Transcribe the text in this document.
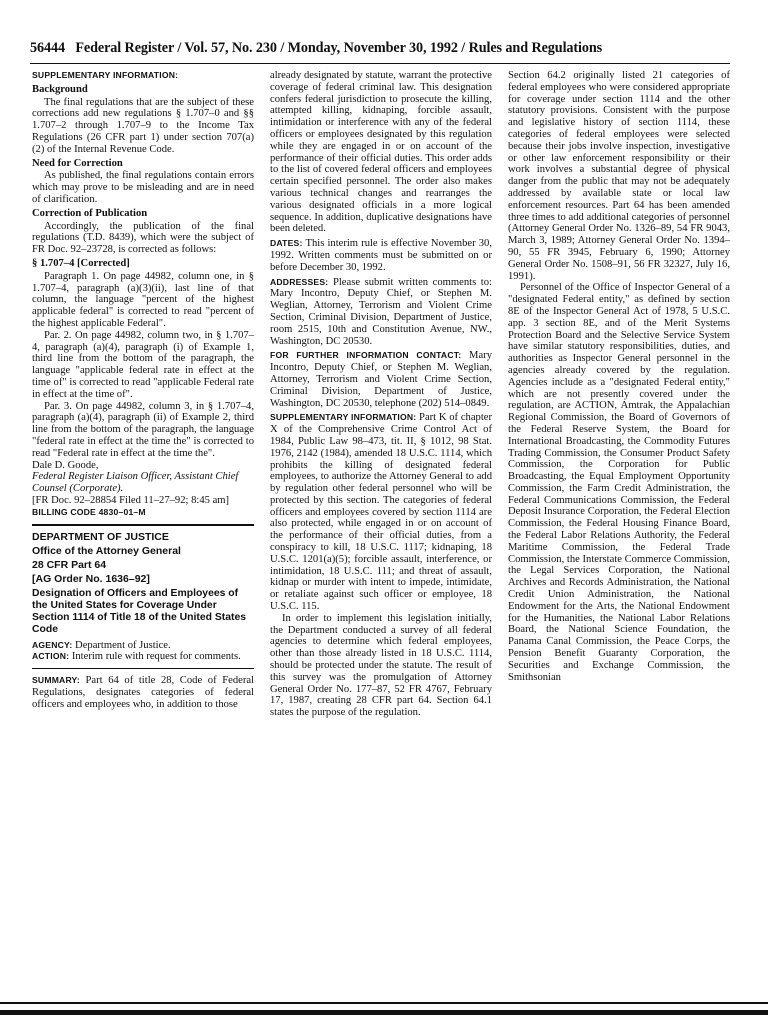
56444 Federal Register / Vol. 57, No. 230 / Monday, November 30, 1992 / Rules and Regulations

SUPPLEMENTARY INFORMATION:

Background

The final regulations that are the subject of these corrections add new regulations § 1.707–0 and §§ 1.707–2 through 1.707–9 to the Income Tax Regulations (26 CFR part 1) under section 707(a)(2) of the Internal Revenue Code.

Need for Correction

As published, the final regulations contain errors which may prove to be misleading and are in need of clarification.

Correction of Publication

Accordingly, the publication of the final regulations (T.D. 8439), which were the subject of FR Doc. 92–23728, is corrected as follows:

§ 1.707–4 [Corrected]

Paragraph 1. On page 44982, column one, in § 1.707–4, paragraph (a)(3)(ii), last line of that column, the language "percent of the highest applicable federal" is corrected to read "percent of the highest applicable Federal".

Par. 2. On page 44982, column two, in § 1.707–4, paragraph (a)(4), paragraph (i) of Example 1, third line from the bottom of the paragraph, the language "applicable federal rate in effect at the time of" is corrected to read "applicable Federal rate in effect at the time of".

Par. 3. On page 44982, column 3, in § 1.707–4, paragraph (a)(4), paragraph (ii) of Example 2, third line from the bottom of the paragraph, the language "federal rate in effect at the time the" is corrected to read "Federal rate in effect at the time the".

Dale D. Goode,

Federal Register Liaison Officer, Assistant Chief Counsel (Corporate).

[FR Doc. 92–28854 Filed 11–27–92; 8:45 am]

BILLING CODE 4830–01–M

DEPARTMENT OF JUSTICE

Office of the Attorney General

28 CFR Part 64

[AG Order No. 1636–92]

Designation of Officers and Employees of the United States for Coverage Under Section 1114 of Title 18 of the United States Code

AGENCY: Department of Justice.

ACTION: Interim rule with request for comments.

SUMMARY: Part 64 of title 28, Code of Federal Regulations, designates categories of federal officers and employees who, in addition to those

already designated by statute, warrant the protective coverage of federal criminal law. This designation confers federal jurisdiction to prosecute the killing, attempted killing, kidnaping, forcible assault, intimidation or interference with any of the federal officers or employees designated by this regulation while they are engaged in or on account of the performance of their official duties. This order adds to the list of covered federal officers and employees certain specified personnel. The order also makes various technical changes and rearranges the various designated officials in a more logical sequence. In addition, duplicative designations have been deleted.

DATES: This interim rule is effective November 30, 1992. Written comments must be submitted on or before December 30, 1992.

ADDRESSES: Please submit written comments to: Mary Incontro, Deputy Chief, or Stephen M. Weglian, Attorney, Terrorism and Violent Crime Section, Criminal Division, Department of Justice, room 2515, 10th and Constitution Avenue, NW., Washington, DC 20530.

FOR FURTHER INFORMATION CONTACT: Mary Incontro, Deputy Chief, or Stephen M. Weglian, Attorney, Terrorism and Violent Crime Section, Criminal Division, Department of Justice, Washington, DC 20530, telephone (202) 514–0849.

SUPPLEMENTARY INFORMATION: Part K of chapter X of the Comprehensive Crime Control Act of 1984, Public Law 98–473, tit. II, § 1012, 98 Stat. 1976, 2142 (1984), amended 18 U.S.C. 1114, which prohibits the killing of designated federal employees, to authorize the Attorney General to add by regulation other federal personnel who will be protected by this section. The categories of federal officers and employees covered by section 1114 are also protected, while engaged in or on account of the performance of their official duties, from a conspiracy to kill, 18 U.S.C. 1117; kidnaping, 18 U.S.C. 1201(a)(5); forcible assault, interference, or intimidation, 18 U.S.C. 111; and threat of assault, kidnap or murder with intent to impede, intimidate, or retaliate against such officer or employee, 18 U.S.C. 115.

In order to implement this legislation initially, the Department conducted a survey of all federal agencies to determine which federal employees, other than those already listed in 18 U.S.C. 1114, should be protected under the statute. The result of this survey was the promulgation of Attorney General Order No. 177–87, 52 FR 4767, February 17, 1987, creating 28 CFR part 64. Section 64.1 states the purpose of the regulation.

Section 64.2 originally listed 21 categories of federal employees who were considered appropriate for coverage under section 1114 and the other statutory provisions. Consistent with the purpose and legislative history of section 1114, these categories of federal employees were selected because their jobs involve inspection, investigative or other law enforcement responsibility or their work involves a substantial degree of physical danger from the public that may not be adequately addressed by available state or local law enforcement resources. Part 64 has been amended three times to add additional categories of personnel (Attorney General Order No. 1326–89, 54 FR 9043, March 3, 1989; Attorney General Order No. 1394–90, 55 FR 3945, February 6, 1990; Attorney General Order No. 1508–91, 56 FR 32327, July 16, 1991).

Personnel of the Office of Inspector General of a "designated Federal entity," as defined by section 8E of the Inspector General Act of 1978, 5 U.S.C. app. 3 section 8E, and of the Merit Systems Protection Board and the Selective Service System have similar statutory responsibilities, duties, and authorities as Inspector General personnel in the agencies already covered by the regulation. Agencies include as a "designated Federal entity," which are not presently covered under the regulation, are ACTION, Amtrak, the Appalachian Regional Commission, the Board of Governors of the Federal Reserve System, the Board for International Broadcasting, the Commodity Futures Trading Commission, the Consumer Product Safety Commission, the Corporation for Public Broadcasting, the Equal Employment Opportunity Commission, the Farm Credit Administration, the Federal Communications Commission, the Federal Deposit Insurance Corporation, the Federal Election Commission, the Federal Housing Finance Board, the Federal Labor Relations Authority, the Federal Maritime Commission, the Federal Trade Commission, the Interstate Commerce Commission, the Legal Services Corporation, the National Archives and Records Administration, the National Credit Union Administration, the National Endowment for the Arts, the National Endowment for the Humanities, the National Labor Relations Board, the National Science Foundation, the Panama Canal Commission, the Peace Corps, the Pension Benefit Guaranty Corporation, the Securities and Exchange Commission, the Smithsonian
